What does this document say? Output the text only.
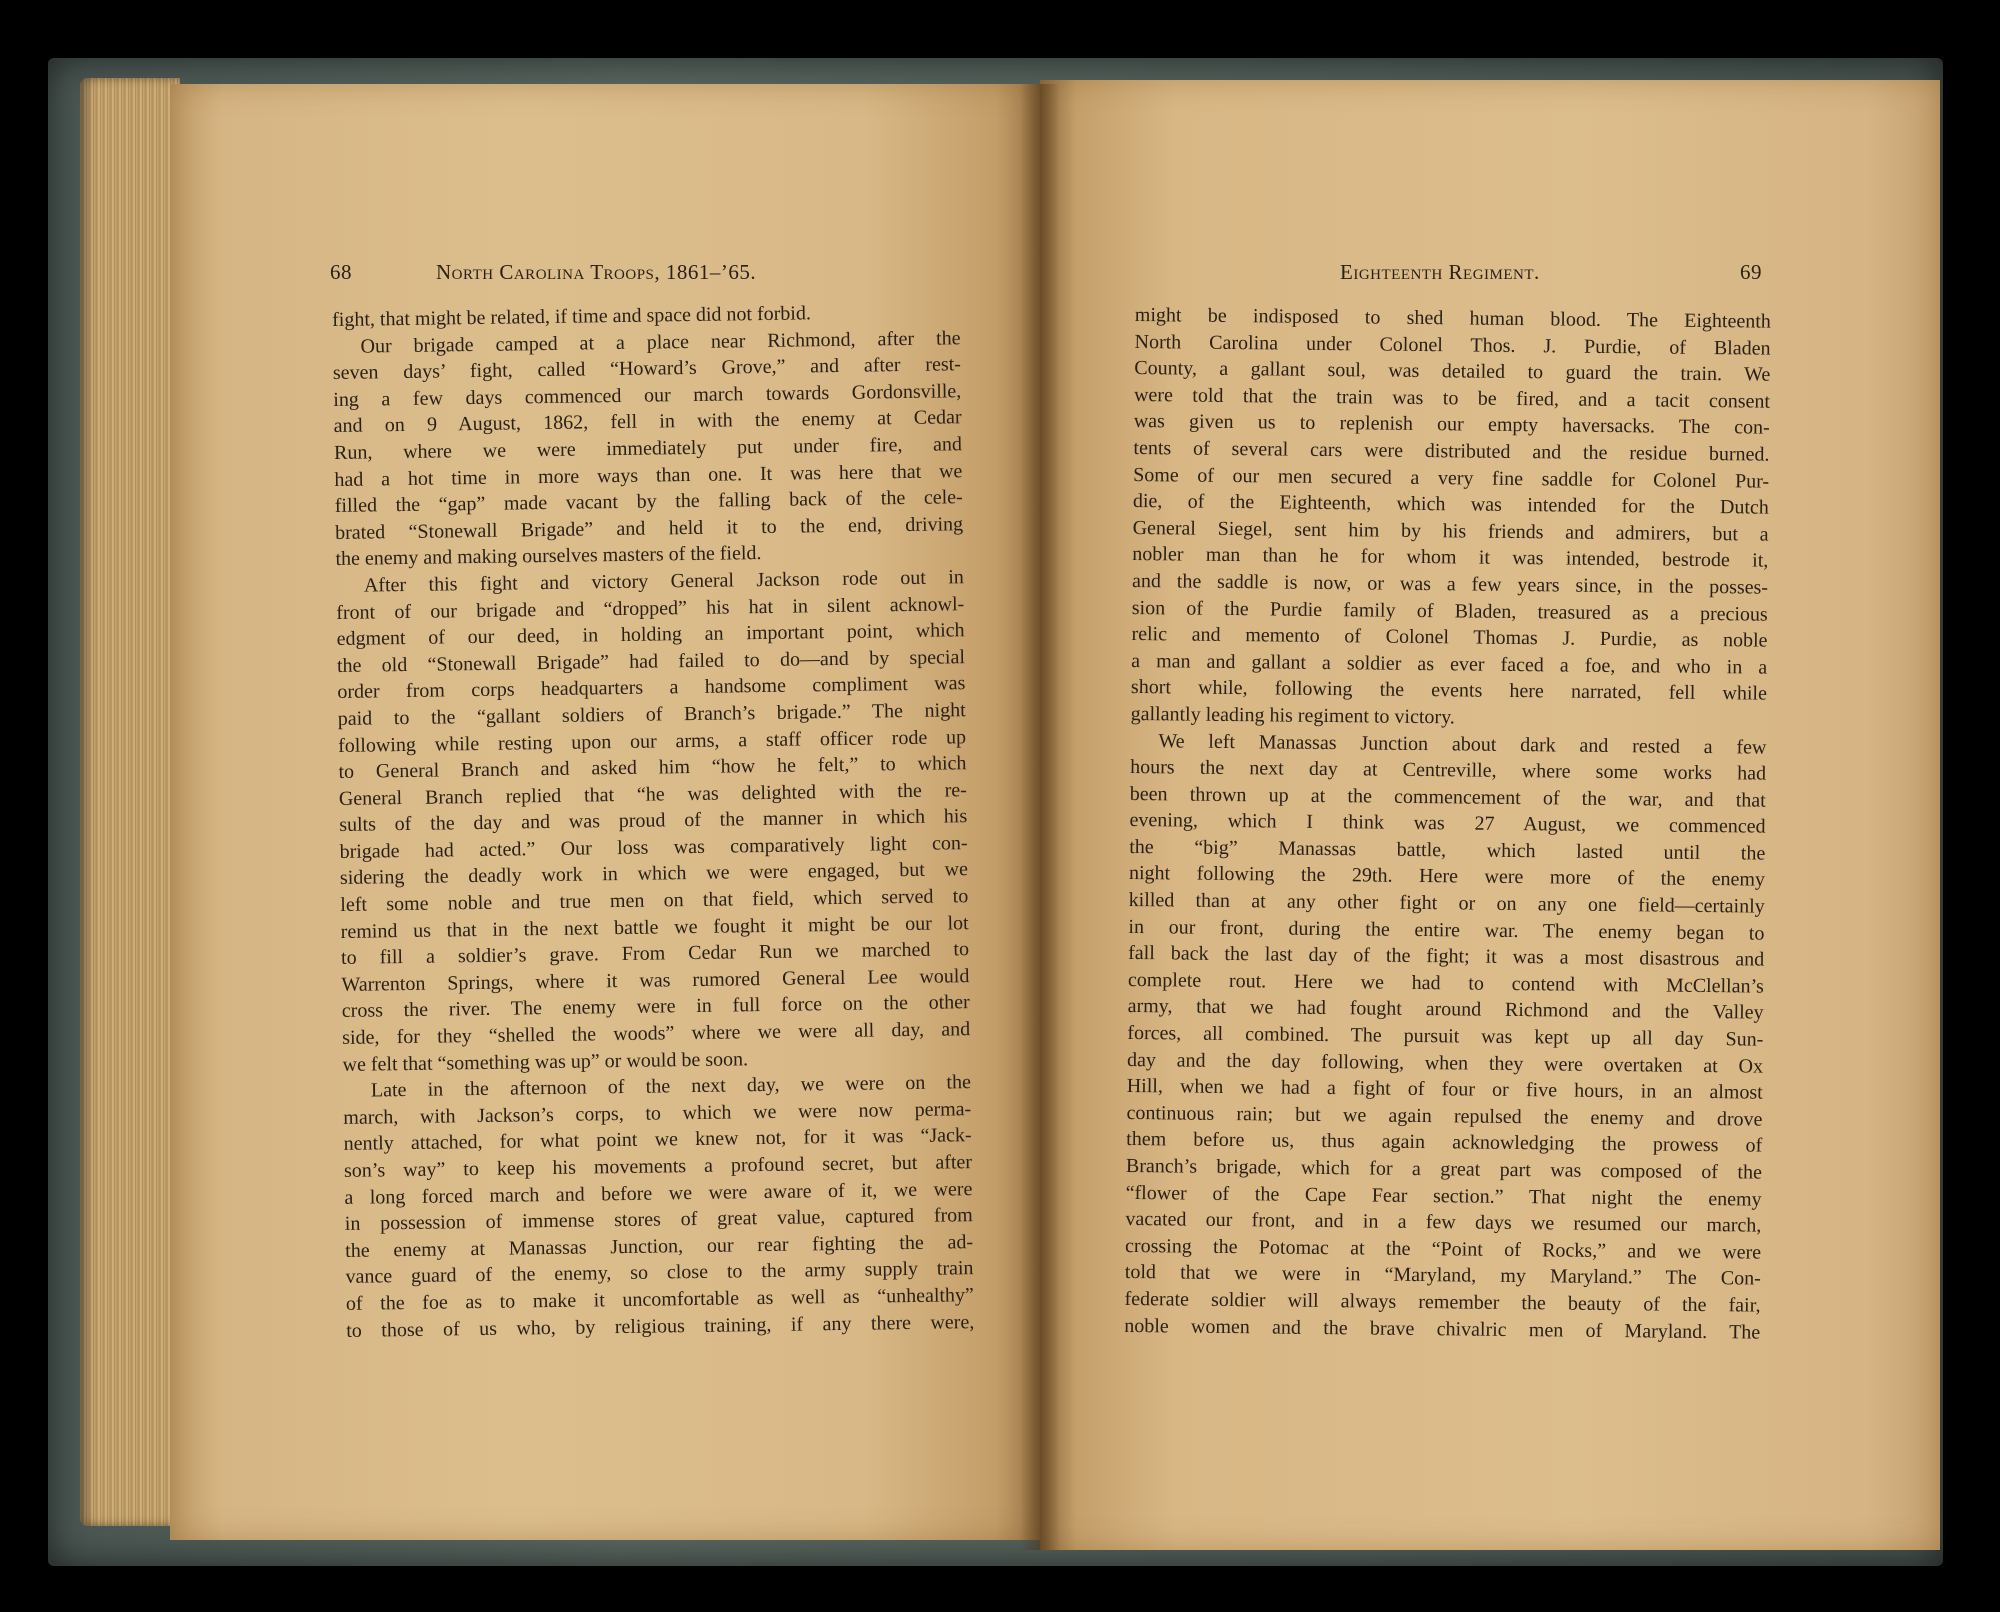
68	North Carolina Troops, 1861–’65.	Eighteenth Regiment.	69
fight, that might be related, if time and space did not forbid.
Our brigade camped at a place near Richmond, after the
seven days’ fight, called “Howard’s Grove,” and after rest-
ing a few days commenced our march towards Gordonsville,
and on 9 August, 1862, fell in with the enemy at Cedar
Run, where we were immediately put under fire, and
had a hot time in more ways than one. It was here that we
filled the “gap” made vacant by the falling back of the cele-
brated “Stonewall Brigade” and held it to the end, driving
the enemy and making ourselves masters of the field.
After this fight and victory General Jackson rode out in
front of our brigade and “dropped” his hat in silent acknowl-
edgment of our deed, in holding an important point, which
the old “Stonewall Brigade” had failed to do—and by special
order from corps headquarters a handsome compliment was
paid to the “gallant soldiers of Branch’s brigade.” The night
following while resting upon our arms, a staff officer rode up
to General Branch and asked him “how he felt,” to which
General Branch replied that “he was delighted with the re-
sults of the day and was proud of the manner in which his
brigade had acted.” Our loss was comparatively light con-
sidering the deadly work in which we were engaged, but we
left some noble and true men on that field, which served to
remind us that in the next battle we fought it might be our lot
to fill a soldier’s grave. From Cedar Run we marched to
Warrenton Springs, where it was rumored General Lee would
cross the river. The enemy were in full force on the other
side, for they “shelled the woods” where we were all day, and
we felt that “something was up” or would be soon.
Late in the afternoon of the next day, we were on the
march, with Jackson’s corps, to which we were now perma-
nently attached, for what point we knew not, for it was “Jack-
son’s way” to keep his movements a profound secret, but after
a long forced march and before we were aware of it, we were
in possession of immense stores of great value, captured from
the enemy at Manassas Junction, our rear fighting the ad-
vance guard of the enemy, so close to the army supply train
of the foe as to make it uncomfortable as well as “unhealthy”
to those of us who, by religious training, if any there were,
might be indisposed to shed human blood. The Eighteenth
North Carolina under Colonel Thos. J. Purdie, of Bladen
County, a gallant soul, was detailed to guard the train. We
were told that the train was to be fired, and a tacit consent
was given us to replenish our empty haversacks. The con-
tents of several cars were distributed and the residue burned.
Some of our men secured a very fine saddle for Colonel Pur-
die, of the Eighteenth, which was intended for the Dutch
General Siegel, sent him by his friends and admirers, but a
nobler man than he for whom it was intended, bestrode it,
and the saddle is now, or was a few years since, in the posses-
sion of the Purdie family of Bladen, treasured as a precious
relic and memento of Colonel Thomas J. Purdie, as noble
a man and gallant a soldier as ever faced a foe, and who in a
short while, following the events here narrated, fell while
gallantly leading his regiment to victory.
We left Manassas Junction about dark and rested a few
hours the next day at Centreville, where some works had
been thrown up at the commencement of the war, and that
evening, which I think was 27 August, we commenced
the “big” Manassas battle, which lasted until the
night following the 29th. Here were more of the enemy
killed than at any other fight or on any one field—certainly
in our front, during the entire war. The enemy began to
fall back the last day of the fight; it was a most disastrous and
complete rout. Here we had to contend with McClellan’s
army, that we had fought around Richmond and the Valley
forces, all combined. The pursuit was kept up all day Sun-
day and the day following, when they were overtaken at Ox
Hill, when we had a fight of four or five hours, in an almost
continuous rain; but we again repulsed the enemy and drove
them before us, thus again acknowledging the prowess of
Branch’s brigade, which for a great part was composed of the
“flower of the Cape Fear section.” That night the enemy
vacated our front, and in a few days we resumed our march,
crossing the Potomac at the “Point of Rocks,” and we were
told that we were in “Maryland, my Maryland.” The Con-
federate soldier will always remember the beauty of the fair,
noble women and the brave chivalric men of Maryland. The
